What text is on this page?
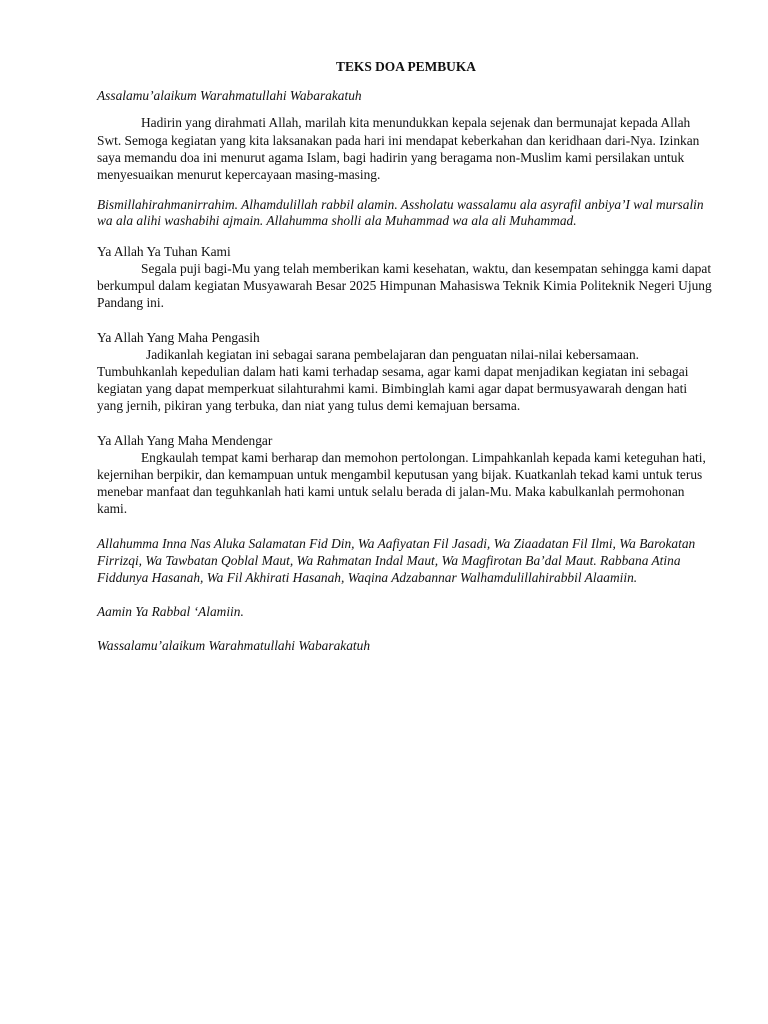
TEKS DOA PEMBUKA

Assalamu’alaikum Warahmatullahi Wabarakatuh

Hadirin yang dirahmati Allah, marilah kita menundukkan kepala sejenak dan bermunajat kepada Allah Swt. Semoga kegiatan yang kita laksanakan pada hari ini mendapat keberkahan dan keridhaan dari-Nya. Izinkan saya memandu doa ini menurut agama Islam, bagi hadirin yang beragama non-Muslim kami persilakan untuk menyesuaikan menurut kepercayaan masing-masing.

Bismillahirahmanirrahim. Alhamdulillah rabbil alamin. Assholatu wassalamu ala asyrafil anbiya’I wal mursalin wa ala alihi washabihi ajmain. Allahumma sholli ala Muhammad wa ala ali Muhammad.

Ya Allah Ya Tuhan Kami

Segala puji bagi-Mu yang telah memberikan kami kesehatan, waktu, dan kesempatan sehingga kami dapat berkumpul dalam kegiatan Musyawarah Besar 2025 Himpunan Mahasiswa Teknik Kimia Politeknik Negeri Ujung Pandang ini.

Ya Allah Yang Maha Pengasih

Jadikanlah kegiatan ini sebagai sarana pembelajaran dan penguatan nilai-nilai kebersamaan. Tumbuhkanlah kepedulian dalam hati kami terhadap sesama, agar kami dapat menjadikan kegiatan ini sebagai kegiatan yang dapat memperkuat silahturahmi kami. Bimbinglah kami agar dapat bermusyawarah dengan hati yang jernih, pikiran yang terbuka, dan niat yang tulus demi kemajuan bersama.

Ya Allah Yang Maha Mendengar

Engkaulah tempat kami berharap dan memohon pertolongan. Limpahkanlah kepada kami keteguhan hati, kejernihan berpikir, dan kemampuan untuk mengambil keputusan yang bijak. Kuatkanlah tekad kami untuk terus menebar manfaat dan teguhkanlah hati kami untuk selalu berada di jalan-Mu. Maka kabulkanlah permohonan kami.

Allahumma Inna Nas Aluka Salamatan Fid Din, Wa Aafiyatan Fil Jasadi, Wa Ziaadatan Fil Ilmi, Wa Barokatan Firrizqi, Wa Tawbatan Qoblal Maut, Wa Rahmatan Indal Maut, Wa Magfirotan Ba’dal Maut. Rabbana Atina Fiddunya Hasanah, Wa Fil Akhirati Hasanah, Waqina Adzabannar Walhamdulillahirabbil Alaamiin.

Aamin Ya Rabbal ‘Alamiin.

Wassalamu’alaikum Warahmatullahi Wabarakatuh
